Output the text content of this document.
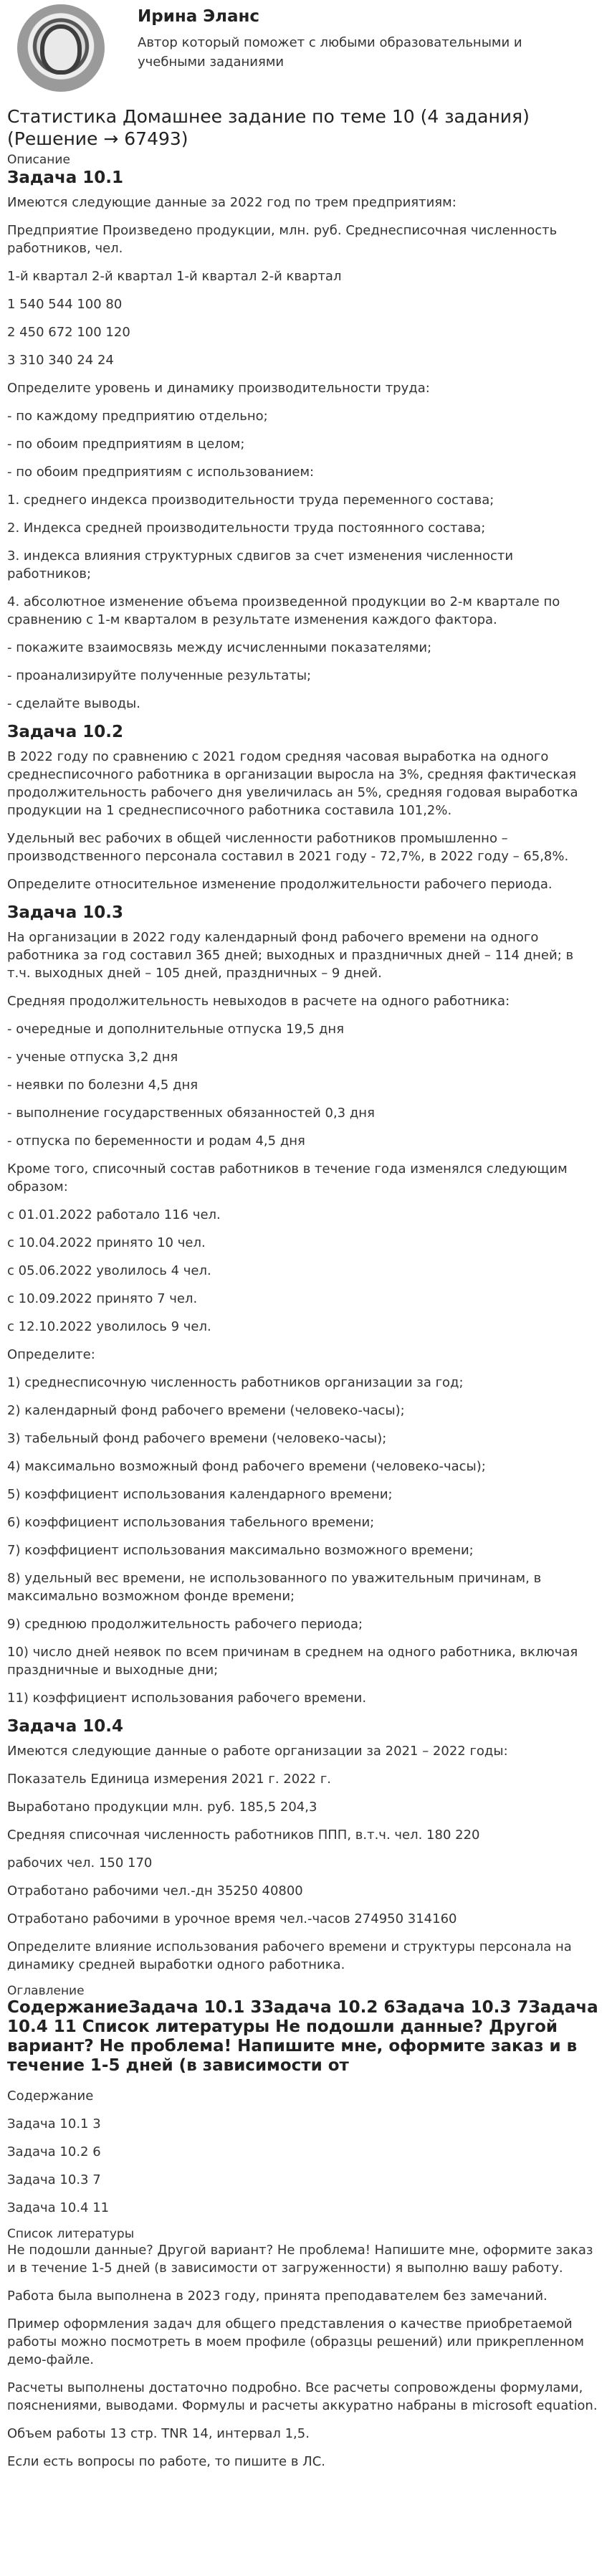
Ирина Эланс

Автор который поможет с любыми образовательными и учебными заданиями

Статистика Домашнее задание по теме 10 (4 задания) (Решение → 67493)
Описание
Задача 10.1

Имеются следующие данные за 2022 год по трем предприятиям:

Предприятие Произведено продукции, млн. руб. Среднесписочная численность работников, чел.

1-й квартал 2-й квартал 1-й квартал 2-й квартал

1 540 544 100 80

2 450 672 100 120

3 310 340 24 24

Определите уровень и динамику производительности труда:

- по каждому предприятию отдельно;

- по обоим предприятиям в целом;

- по обоим предприятиям с использованием:

1. среднего индекса производительности труда переменного состава;

2. Индекса средней производительности труда постоянного состава;

3. индекса влияния структурных сдвигов за счет изменения численности работников;

4. абсолютное изменение объема произведенной продукции во 2-м квартале по сравнению с 1-м кварталом в результате изменения каждого фактора.

- покажите взаимосвязь между исчисленными показателями;

- проанализируйте полученные результаты;

- сделайте выводы.

Задача 10.2

В 2022 году по сравнению с 2021 годом средняя часовая выработка на одного среднесписочного работника в организации выросла на 3%, средняя фактическая продолжительность рабочего дня увеличилась ан 5%, средняя годовая выработка продукции на 1 среднесписочного работника составила 101,2%.

Удельный вес рабочих в общей численности работников промышленно – производственного персонала составил в 2021 году - 72,7%, в 2022 году – 65,8%.

Определите относительное изменение продолжительности рабочего периода.

Задача 10.3

На организации в 2022 году календарный фонд рабочего времени на одного работника за год составил 365 дней; выходных и праздничных дней – 114 дней; в т.ч. выходных дней – 105 дней, праздничных – 9 дней.

Средняя продолжительность невыходов в расчете на одного работника:

- очередные и дополнительные отпуска 19,5 дня

- ученые отпуска 3,2 дня

- неявки по болезни 4,5 дня

- выполнение государственных обязанностей 0,3 дня

- отпуска по беременности и родам 4,5 дня

Кроме того, списочный состав работников в течение года изменялся следующим образом:

с 01.01.2022 работало 116 чел.

с 10.04.2022 принято 10 чел.

с 05.06.2022 уволилось 4 чел.

с 10.09.2022 принято 7 чел.

с 12.10.2022 уволилось 9 чел.

Определите:

1) среднесписочную численность работников организации за год;

2) календарный фонд рабочего времени (человеко-часы);

3) табельный фонд рабочего времени (человеко-часы);

4) максимально возможный фонд рабочего времени (человеко-часы);

5) коэффициент использования календарного времени;

6) коэффициент использования табельного времени;

7) коэффициент использования максимально возможного времени;

8) удельный вес времени, не использованного по уважительным причинам, в максимально возможном фонде времени;

9) среднюю продолжительность рабочего периода;

10) число дней неявок по всем причинам в среднем на одного работника, включая праздничные и выходные дни;

11) коэффициент использования рабочего времени.

Задача 10.4

Имеются следующие данные о работе организации за 2021 – 2022 годы:

Показатель Единица измерения 2021 г. 2022 г.

Выработано продукции млн. руб. 185,5 204,3

Средняя списочная численность работников ППП, в.т.ч. чел. 180 220

рабочих чел. 150 170

Отработано рабочими чел.-дн 35250 40800

Отработано рабочими в урочное время чел.-часов 274950 314160

Определите влияние использования рабочего времени и структуры персонала на динамику средней выработки одного работника.

Оглавление
СодержаниеЗадача 10.1 3Задача 10.2 6Задача 10.3 7Задача 10.4 11 Список литературы Не подошли данные? Другой вариант? Не проблема! Напишите мне, оформите заказ и в течение 1-5 дней (в зависимости от

Содержание

Задача 10.1 3

Задача 10.2 6

Задача 10.3 7

Задача 10.4 11

Список литературы

Не подошли данные? Другой вариант? Не проблема! Напишите мне, оформите заказ и в течение 1-5 дней (в зависимости от загруженности) я выполню вашу работу.

Работа была выполнена в 2023 году, принята преподавателем без замечаний.

Пример оформления задач для общего представления о качестве приобретаемой работы можно посмотреть в моем профиле (образцы решений) или прикрепленном демо-файле.

Расчеты выполнены достаточно подробно. Все расчеты сопровождены формулами, пояснениями, выводами. Формулы и расчеты аккуратно набраны в microsoft equation.

Объем работы 13 стр. TNR 14, интервал 1,5.

Если есть вопросы по работе, то пишите в ЛС.
